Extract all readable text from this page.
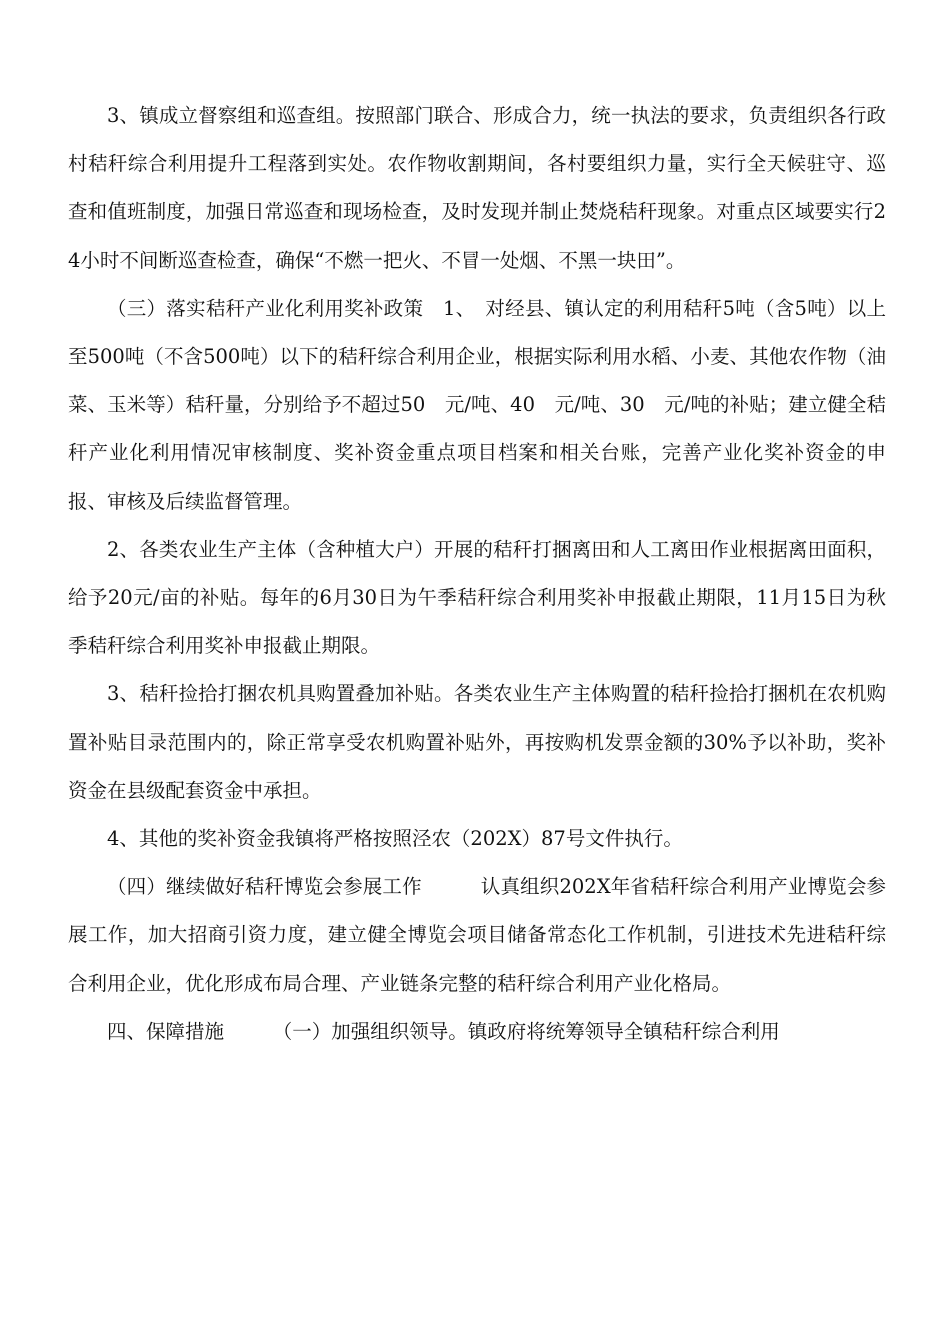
3、镇成立督察组和巡查组。按照部门联合、形成合力，统一执法的要求，负责组织各行政村秸秆综合利用提升工程落到实处。农作物收割期间，各村要组织力量，实行全天候驻守、巡查和值班制度，加强日常巡查和现场检查，及时发现并制止焚烧秸秆现象。对重点区域要实行24小时不间断巡查检查，确保“不燃一把火、不冒一处烟、不黑一块田”。

（三）落实秸秆产业化利用奖补政策　1、　对经县、镇认定的利用秸秆5吨（含5吨）以上至500吨（不含500吨）以下的秸秆综合利用企业，根据实际利用水稻、小麦、其他农作物（油菜、玉米等）秸秆量，分别给予不超过50　元/吨、40　元/吨、30　元/吨的补贴；建立健全秸秆产业化利用情况审核制度、奖补资金重点项目档案和相关台账，完善产业化奖补资金的申报、审核及后续监督管理。

2、各类农业生产主体（含种植大户）开展的秸秆打捆离田和人工离田作业根据离田面积，给予20元/亩的补贴。每年的6月30日为午季秸秆综合利用奖补申报截止期限，11月15日为秋季秸秆综合利用奖补申报截止期限。

3、秸秆捡拾打捆农机具购置叠加补贴。各类农业生产主体购置的秸秆捡拾打捆机在农机购置补贴目录范围内的，除正常享受农机购置补贴外，再按购机发票金额的30%予以补助，奖补资金在县级配套资金中承担。

4、其他的奖补资金我镇将严格按照泾农（202X）87号文件执行。

（四）继续做好秸秆博览会参展工作　　　认真组织202X年省秸秆综合利用产业博览会参展工作，加大招商引资力度，建立健全博览会项目储备常态化工作机制，引进技术先进秸秆综合利用企业，优化形成布局合理、产业链条完整的秸秆综合利用产业化格局。

四、保障措施　　　（一）加强组织领导。镇政府将统筹领导全镇秸秆综合利用
